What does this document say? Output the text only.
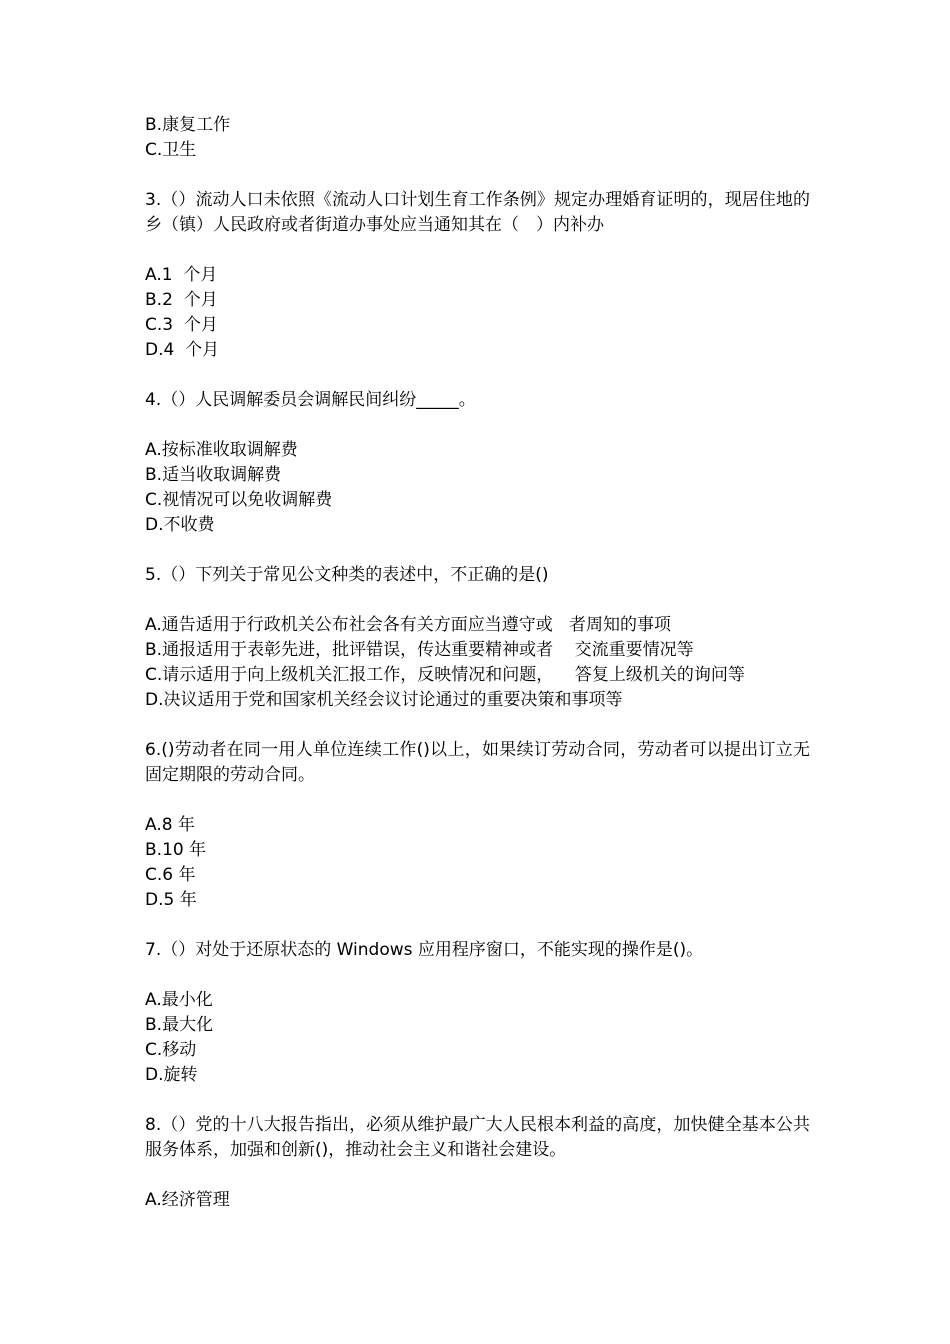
B.康复工作
C.卫生
3.（）流动人口未依照《流动人口计划生育工作条例》规定办理婚育证明的，现居住地的乡（镇）人民政府或者街道办事处应当通知其在（　）内补办
A.1  个月
B.2  个月
C.3  个月
D.4  个月
4.（）人民调解委员会调解民间纠纷_____。
A.按标准收取调解费
B.适当收取调解费
C.视情况可以免收调解费
D.不收费
5.（）下列关于常见公文种类的表述中，不正确的是()
A.通告适用于行政机关公布社会各有关方面应当遵守或   者周知的事项
B.通报适用于表彰先进，批评错误，传达重要精神或者    交流重要情况等
C.请示适用于向上级机关汇报工作，反映情况和问题，    答复上级机关的询问等
D.决议适用于党和国家机关经会议讨论通过的重要决策和事项等
6.()劳动者在同一用人单位连续工作()以上，如果续订劳动合同，劳动者可以提出订立无固定期限的劳动合同。
A.8 年
B.10 年
C.6 年
D.5 年
7.（）对处于还原状态的 Windows 应用程序窗口，不能实现的操作是()。
A.最小化
B.最大化
C.移动
D.旋转
8.（）党的十八大报告指出，必须从维护最广大人民根本利益的高度，加快健全基本公共服务体系，加强和创新()，推动社会主义和谐社会建设。
A.经济管理
